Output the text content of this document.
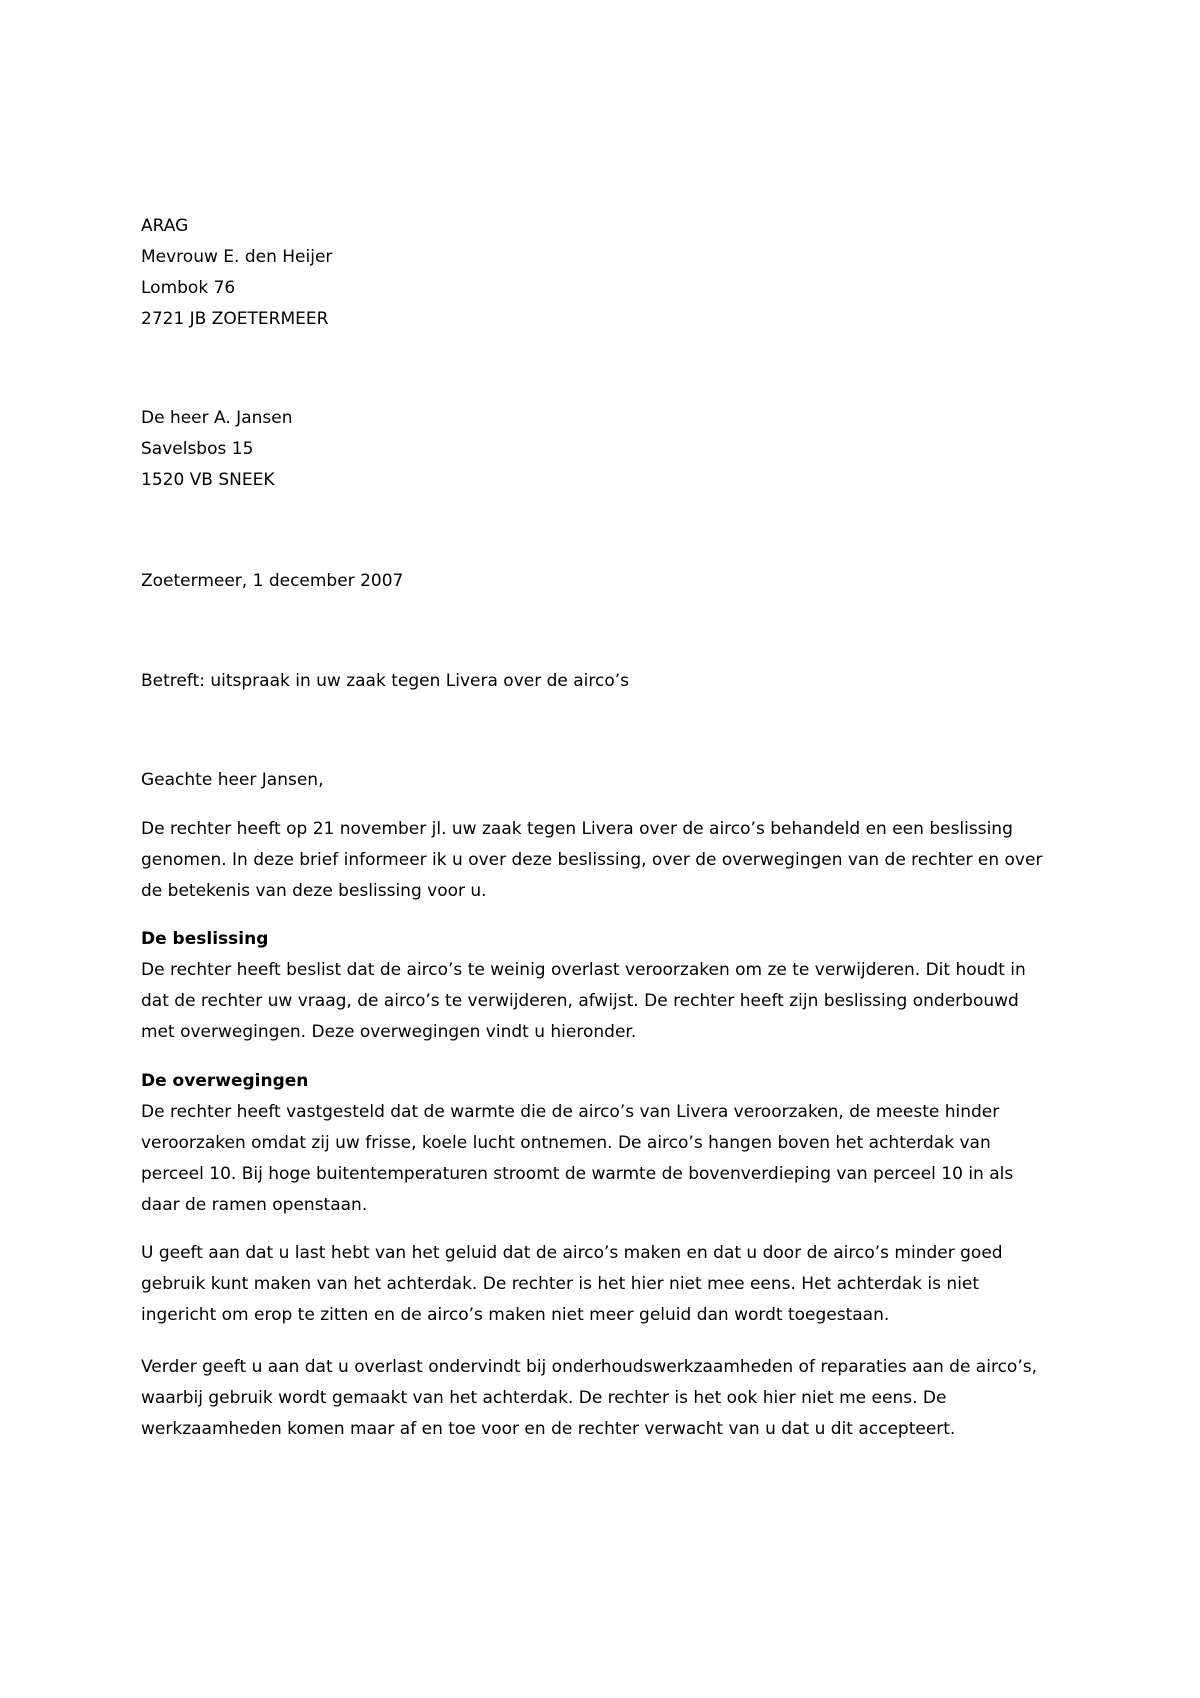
ARAG

Mevrouw E. den Heijer

Lombok 76

2721 JB ZOETERMEER

De heer A. Jansen

Savelsbos 15

1520 VB SNEEK

Zoetermeer, 1 december 2007

Betreft: uitspraak in uw zaak tegen Livera over de airco’s

Geachte heer Jansen,

De rechter heeft op 21 november jl. uw zaak tegen Livera over de airco’s behandeld en een beslissing

genomen. In deze brief informeer ik u over deze beslissing, over de overwegingen van de rechter en over

de betekenis van deze beslissing voor u.

De beslissing

De rechter heeft beslist dat de airco’s te weinig overlast veroorzaken om ze te verwijderen. Dit houdt in

dat de rechter uw vraag, de airco’s te verwijderen, afwijst. De rechter heeft zijn beslissing onderbouwd

met overwegingen. Deze overwegingen vindt u hieronder.

De overwegingen

De rechter heeft vastgesteld dat de warmte die de airco’s van Livera veroorzaken, de meeste hinder

veroorzaken omdat zij uw frisse, koele lucht ontnemen. De airco’s hangen boven het achterdak van

perceel 10. Bij hoge buitentemperaturen stroomt de warmte de bovenverdieping van perceel 10 in als

daar de ramen openstaan.

U geeft aan dat u last hebt van het geluid dat de airco’s maken en dat u door de airco’s minder goed

gebruik kunt maken van het achterdak. De rechter is het hier niet mee eens. Het achterdak is niet

ingericht om erop te zitten en de airco’s maken niet meer geluid dan wordt toegestaan.

Verder geeft u aan dat u overlast ondervindt bij onderhoudswerkzaamheden of reparaties aan de airco’s,

waarbij gebruik wordt gemaakt van het achterdak. De rechter is het ook hier niet me eens. De

werkzaamheden komen maar af en toe voor en de rechter verwacht van u dat u dit accepteert.
